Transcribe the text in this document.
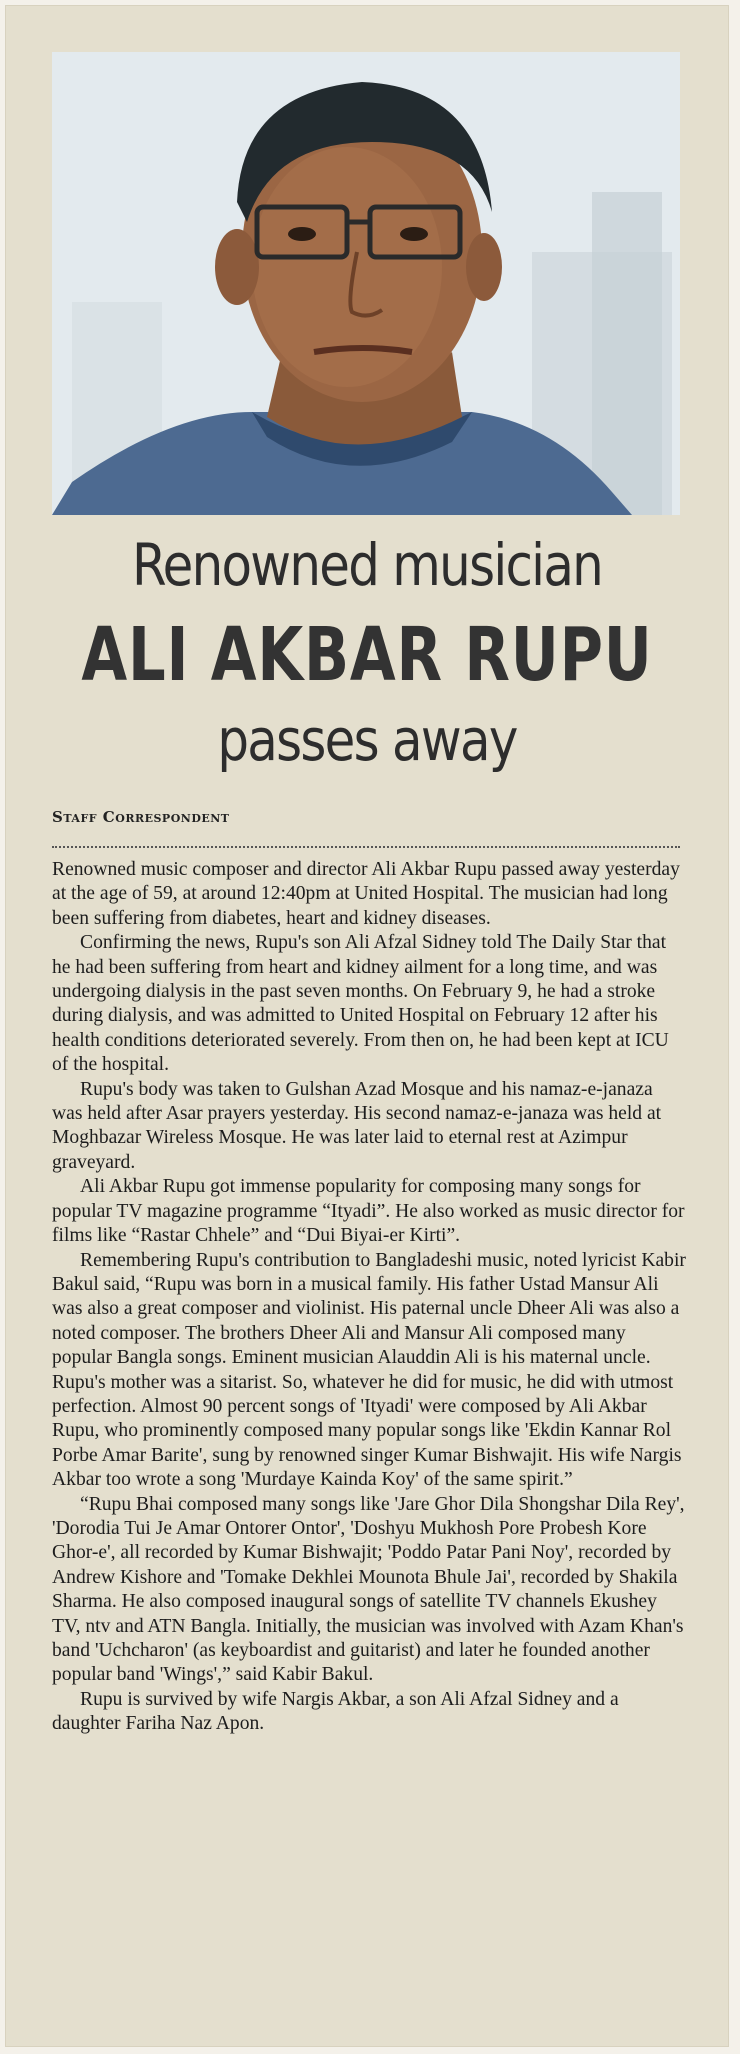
Renowned musician
ALI AKBAR RUPU
passes away
Staff Correspondent

Renowned music composer and director Ali Akbar Rupu passed away yesterday at the age of 59, at around 12:40pm at United Hospital. The musician had long been suffering from diabetes, heart and kidney diseases.

Confirming the news, Rupu's son Ali Afzal Sidney told The Daily Star that he had been suffering from heart and kidney ailment for a long time, and was undergoing dialysis in the past seven months. On February 9, he had a stroke during dialysis, and was admitted to United Hospital on February 12 after his health conditions deteriorated severely. From then on, he had been kept at ICU of the hospital.

Rupu's body was taken to Gulshan Azad Mosque and his namaz-e-janaza was held after Asar prayers yesterday. His second namaz-e-janaza was held at Moghbazar Wireless Mosque. He was later laid to eternal rest at Azimpur graveyard.

Ali Akbar Rupu got immense popularity for composing many songs for popular TV magazine programme “Ityadi”. He also worked as music director for films like “Rastar Chhele” and “Dui Biyai-er Kirti”.

Remembering Rupu's contribution to Bangladeshi music, noted lyricist Kabir Bakul said, “Rupu was born in a musical family. His father Ustad Mansur Ali was also a great composer and violinist. His paternal uncle Dheer Ali was also a noted composer. The brothers Dheer Ali and Mansur Ali composed many popular Bangla songs. Eminent musician Alauddin Ali is his maternal uncle. Rupu's mother was a sitarist. So, whatever he did for music, he did with utmost perfection. Almost 90 percent songs of 'Ityadi' were composed by Ali Akbar Rupu, who prominently composed many popular songs like 'Ekdin Kannar Rol Porbe Amar Barite', sung by renowned singer Kumar Bishwajit. His wife Nargis Akbar too wrote a song 'Murdaye Kainda Koy' of the same spirit.”

“Rupu Bhai composed many songs like 'Jare Ghor Dila Shongshar Dila Rey', 'Dorodia Tui Je Amar Ontorer Ontor', 'Doshyu Mukhosh Pore Probesh Kore Ghor-e', all recorded by Kumar Bishwajit; 'Poddo Patar Pani Noy', recorded by Andrew Kishore and 'Tomake Dekhlei Mounota Bhule Jai', recorded by Shakila Sharma. He also composed inaugural songs of satellite TV channels Ekushey TV, ntv and ATN Bangla. Initially, the musician was involved with Azam Khan's band 'Uchcharon' (as keyboardist and guitarist) and later he founded another popular band 'Wings',” said Kabir Bakul.

Rupu is survived by wife Nargis Akbar, a son Ali Afzal Sidney and a daughter Fariha Naz Apon.
